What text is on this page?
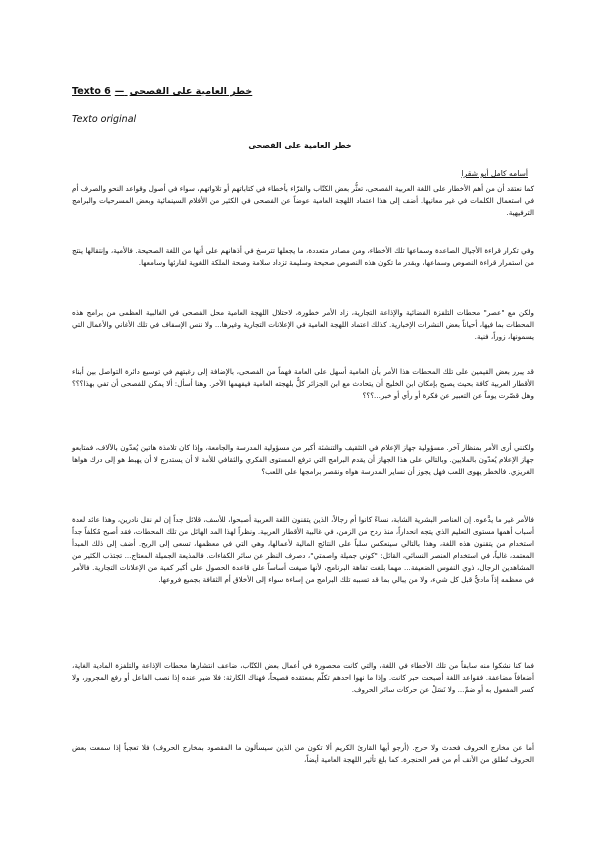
Texto 6 — خطر العامية على الفصحى
Texto original
خطر العامية على الفصحى
أسامه كامل أبو شقرا

كما نعتقد أن من أهم الأخطار على اللغة العربية الفصحى، تعثُّر بعض الكتّاب والقرّاء بأخطاء في كتاباتهم أو تلاواتهم، سواء في أصول وقواعد النحو والصرف أم في استعمال الكلمات في غير معانيها. أضف إلى هذا اعتماد اللهجة العامية عوضاً عن الفصحى في الكثير من الأفلام السينمائية وبعض المسرحيات والبرامج الترفيهية.

وفي تكرار قراءة الأجيال الصاعدة وسماعها تلك الأخطاء، ومن مصادر متعددة، ما يجعلها تترسخ في أذهانهم على أنها من اللغة الصحيحة. فالأمية، وإنتقالها ينتج من استمرار قراءة النصوص وسماعها، وبقدر ما تكون هذه النصوص صحيحة وسليمة تزداد سلامة وصحة الملكة اللغوية لقارئها وسامعها.

ولكن مع "عصر" محطات التلفزة الفضائية والإذاعة التجارية، زاد الأمر خطورة، لاحتلال اللهجة العامية محل الفصحى في الغالبية العظمى من برامج هذه المحطات بما فيها، أحياناً بعض النشرات الإخبارية. كذلك اعتماد اللهجة العامية في الإعلانات التجارية وغيرها... ولا ننس الإسفاف في تلك الأغاني والأعمال التي يسمونها، زوراً، فنية.

قد يبرر بعض القيمين على تلك المحطات هذا الأمر بأن العامية أسهل على العامة فهماً من الفصحى، بالإضافة إلى رغبتهم في توسيع دائرة التواصل بين أبناء الأقطار العربية كافة بحيث يصبح بإمكان ابن الخليج أن يتحادث مع ابن الجزائر كلٌّ بلهجته العامية فيفهمها الآخر. وهنا أسأل: ألا يمكن للفصحى أن تفي بهذا؟؟؟ وهل قصّرت يوماً عن التعبير عن فكرة أو رأي أو خبر...؟؟؟

ولكنني أرى الأمر بمنظار آخر. مسؤولية جهاز الإعلام في التثقيف والتنشئة أكبر من مسؤولية المدرسة والجامعة، وإذا كان تلامذة هاتين يُعدّون بالآلاف، فمتابعو جهاز الإعلام يُعدّون بالملايين. وبالتالي على هذا الجهاز أن يقدم البرامج التي ترفع المستوى الفكري والثقافي للأمة لا أن يستدرج لا أن يهبط هو إلى درك هواها الغريزي. فالخطر يهوى اللعب فهل يجوز أن نساير المدرسة هواه ونقصر برامجها على اللعب؟

فالأمر غير ما يدَّعوه. إن العناصر البشرية الشابة، نساءً كانوا أم رجالاً، الذين يتقنون اللغة العربية أصبحوا، للأسف، قلائل جداً إن لم نقل نادرين، وهذا عائد لعدة أسباب أهمها مستوى التعليم الذي يتجه انحداراً، منذ ردح من الزمن، في غالبية الأقطار العربية. ونظراً لهذا المد الهائل من تلك المحطات، فقد أصبح مُكلفاً جداً استخدام من يتقنون هذه اللغة، وهذا بالتالي سينعكس سلباً على النتائج المالية لأعمالها، وهي التي في معظمها، تسعى إلى الربح. أضف إلى ذلك المبدأ المعتمد، غالباً، في استخدام العنصر النسائي، القائل: "كوني جميلة واصمتي"، دصرف النظر عن سائر الكفاءات. فالمذيعة الجميلة المعتاج... تجتذب الكثير من المشاهدين الرجال، ذوي النفوس الضعيفة... مهما بلغت تفاهة البرنامج، لأنها صيغت أساساً على قاعدة الحصول على أكبر كمية من الإعلانات التجارية. فالأمر في معظمه إذاً ماديٌّ قبل كل شيء، ولا من يبالي بما قد تسببه تلك البرامج من إساءة سواء إلى الأخلاق أم الثقافة بجميع فروعها.

فما كنا نشكوا منه سابقاً من تلك الأخطاء في اللغة، والتي كانت محصورة في أعمال بعض الكتّاب، ضاعف انتشارها محطات الإذاعة والتلفزة المادية الغاية، أضعافاً مضاعفة. فقواعد اللغة أصبحت حبر كانت. وإذا ما نهوا احدهم تكلّم بمعتقده فصيحاً، فهناك الكارثة: فلا ضير عنده إذا نصب الفاعل أو رفع المجرور، ولا كسر المفعول به أو ضمّ... ولا نَسَلْ عن حركات سائر الحروف.

أما عن مخارج الحروف فحدث ولا حرج. (أرجو أيها القارئ الكريم ألا تكون من الذين سيسألون ما المقصود بمخارج الحروف) فلا تعجباً إذا سمعت بعض الحروف تُطلق من الأنف أم من قعر الحنجرة. كما بلغ تأثير اللهجة العامية أيضاً،
